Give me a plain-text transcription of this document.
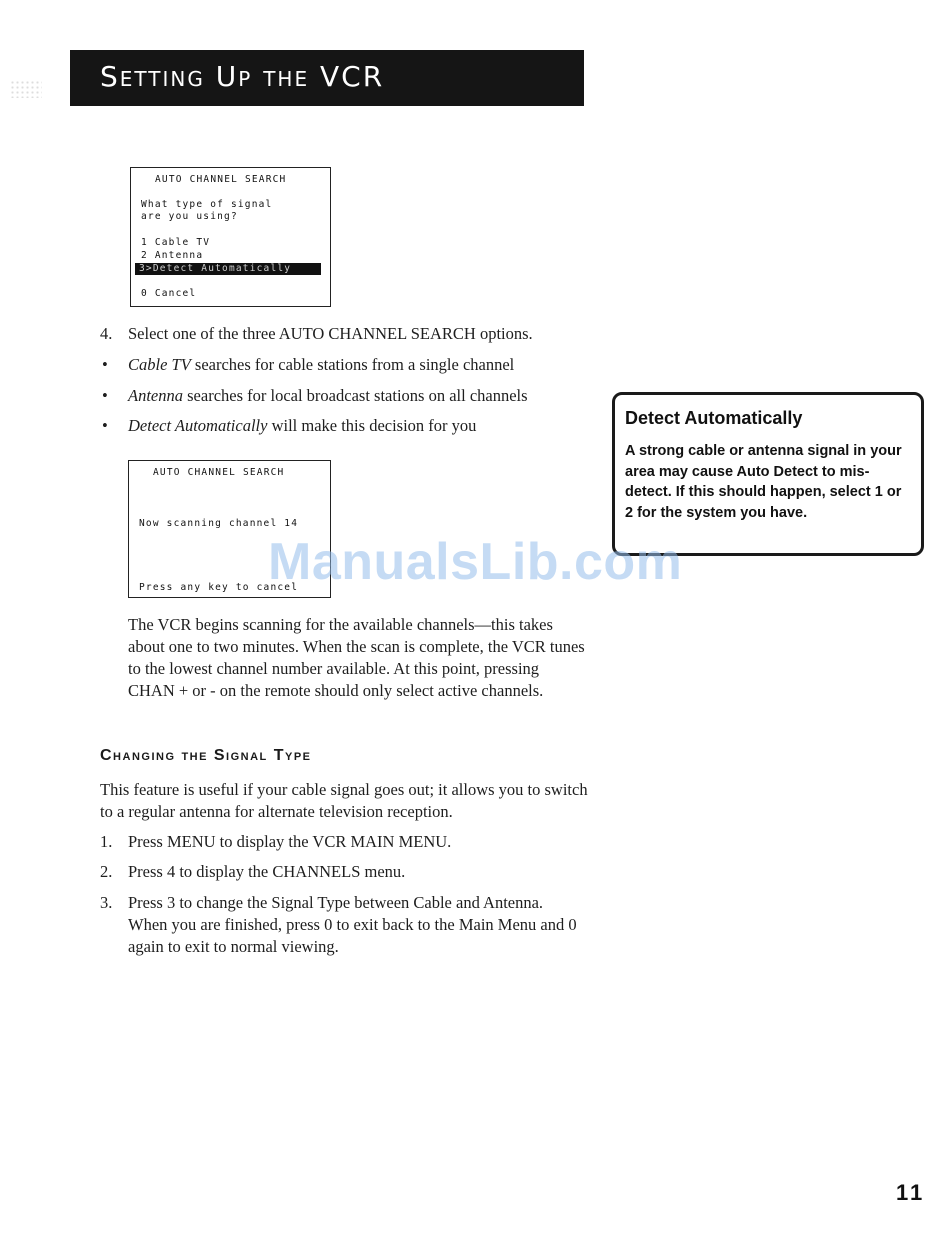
Setting Up the VCR
AUTO CHANNEL SEARCH
What type of signal
are you using?
1 Cable TV
2 Antenna
3>Detect Automatically
0 Cancel
4. Select one of the three AUTO CHANNEL SEARCH options.
•	Cable TV searches for cable stations from a single channel
•	Antenna searches for local broadcast stations on all channels
•	Detect Automatically will make this decision for you
AUTO CHANNEL SEARCH
Now scanning channel 14
Press any key to cancel

The VCR begins scanning for the available channels—this takes about one to two minutes. When the scan is complete, the VCR tunes to the lowest channel number available. At this point, pressing CHAN + or - on the remote should only select active channels.

Changing the Signal Type

This feature is useful if your cable signal goes out; it allows you to switch to a regular antenna for alternate television reception.

1. Press MENU to display the VCR MAIN MENU.
2. Press 4 to display the CHANNELS menu.
3. Press 3 to change the Signal Type between Cable and Antenna. When you are finished, press 0 to exit back to the Main Menu and 0 again to exit to normal viewing.
Detect Automatically

A strong cable or antenna signal in your area may cause Auto Detect to mis-detect. If this should happen, select 1 or 2 for the system you have.

ManualsLib.com
11
